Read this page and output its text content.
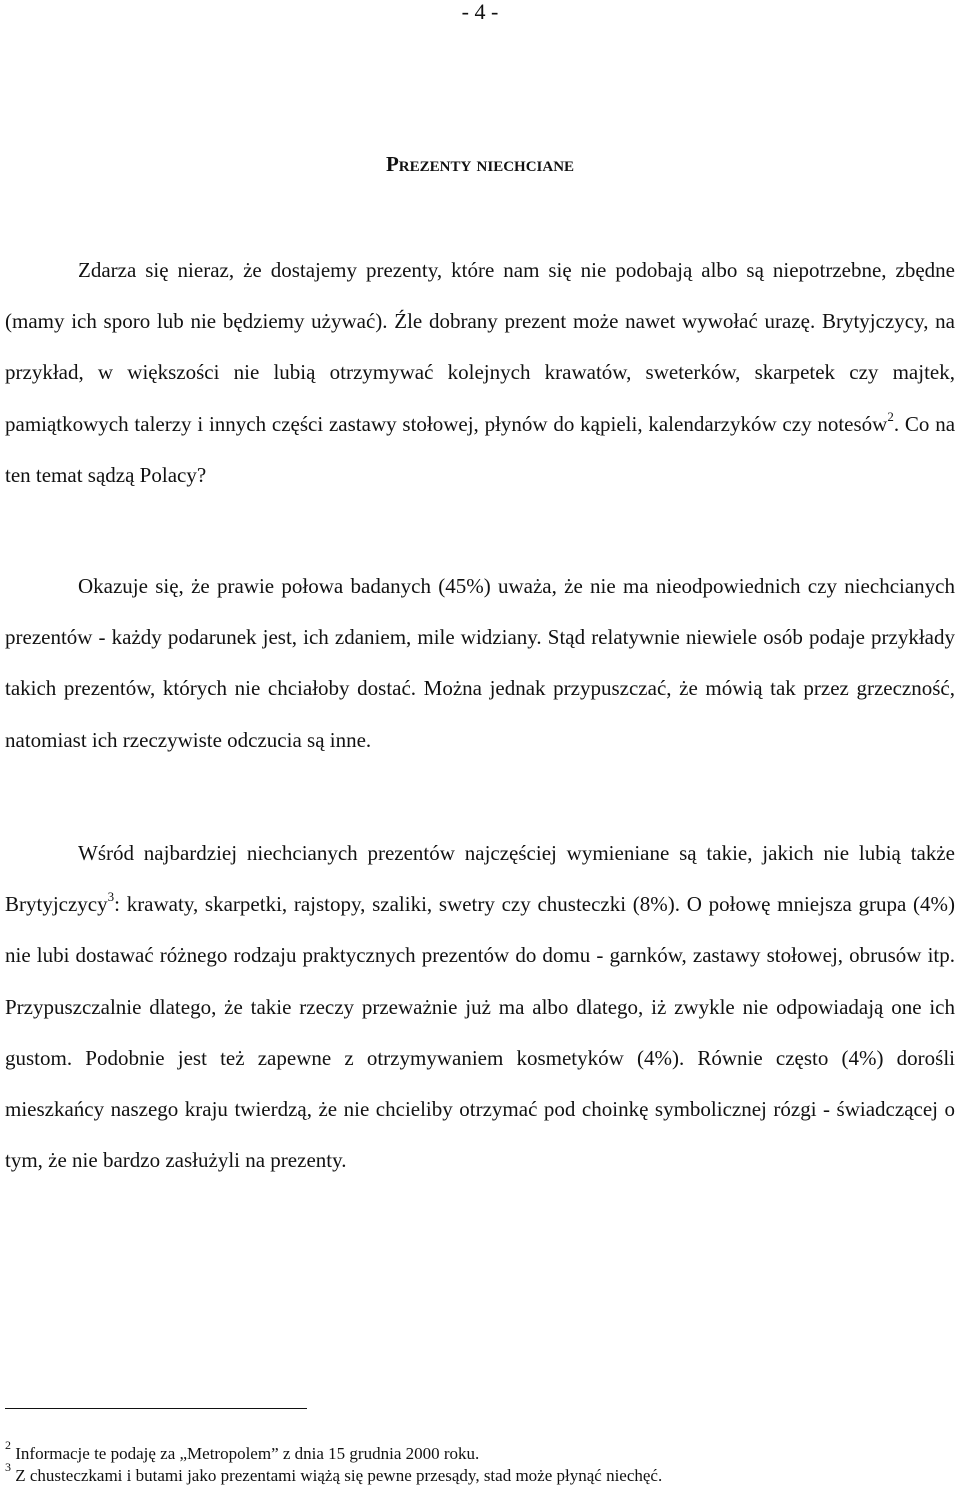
- 4 -
Prezenty niechciane

Zdarza się nieraz, że dostajemy prezenty, które nam się nie podobają albo są niepotrzebne, zbędne (mamy ich sporo lub nie będziemy używać). Źle dobrany prezent może nawet wywołać urazę. Brytyjczycy, na przykład, w większości nie lubią otrzymywać kolejnych krawatów, sweterków, skarpetek czy majtek, pamiątkowych talerzy i innych części zastawy stołowej, płynów do kąpieli, kalendarzyków czy notesów$^2$. Co na ten temat sądzą Polacy?

Okazuje się, że prawie połowa badanych (45%) uważa, że nie ma nieodpowiednich czy niechcianych prezentów - każdy podarunek jest, ich zdaniem, mile widziany. Stąd relatywnie niewiele osób podaje przykłady takich prezentów, których nie chciałoby dostać. Można jednak przypuszczać, że mówią tak przez grzeczność, natomiast ich rzeczywiste odczucia są inne.

Wśród najbardziej niechcianych prezentów najczęściej wymieniane są takie, jakich nie lubią także Brytyjczycy$^3$: krawaty, skarpetki, rajstopy, szaliki, swetry czy chusteczki (8%). O połowę mniejsza grupa (4%) nie lubi dostawać różnego rodzaju praktycznych prezentów do domu - garnków, zastawy stołowej, obrusów itp. Przypuszczalnie dlatego, że takie rzeczy przeważnie już ma albo dlatego, iż zwykle nie odpowiadają one ich gustom. Podobnie jest też zapewne z otrzymywaniem kosmetyków (4%). Równie często (4%) dorośli mieszkańcy naszego kraju twierdzą, że nie chcieliby otrzymać pod choinkę symbolicznej rózgi - świadczącej o tym, że nie bardzo zasłużyli na prezenty.

$^2$ Informacje te podaję za „Metropolem” z dnia 15 grudnia 2000 roku.

$^3$ Z chusteczkami i butami jako prezentami wiążą się pewne przesądy, stad może płynąć niechęć.
